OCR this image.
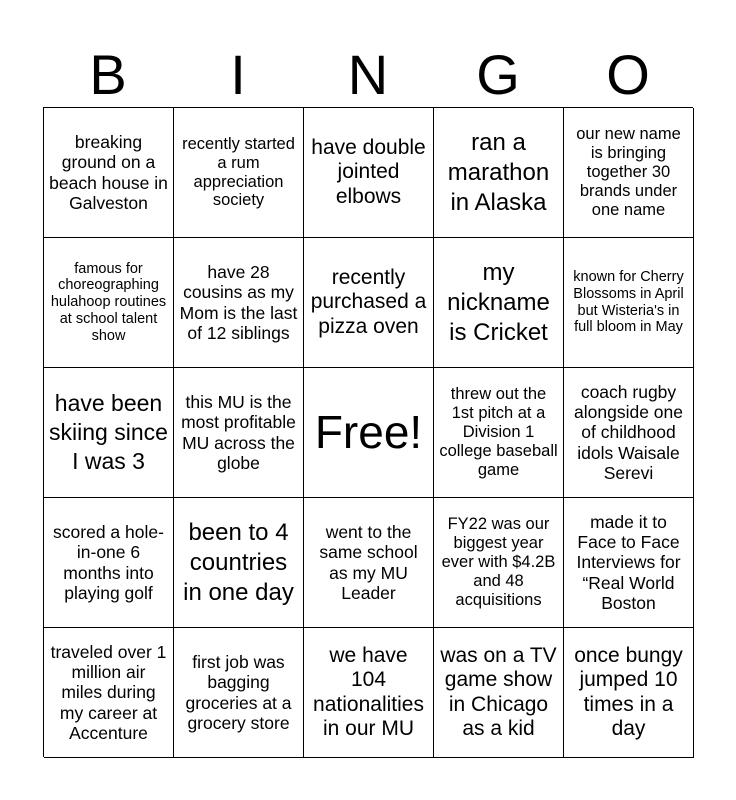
B	I	N	G	O
breaking ground on a beach house in Galveston
recently started a rum appreciation society
have double jointed elbows
ran a marathon in Alaska
our new name is bringing together 30 brands under one name
famous for choreographing hulahoop routines at school talent show
have 28 cousins as my Mom is the last of 12 siblings
recently purchased a pizza oven
my nickname is Cricket
known for Cherry Blossoms in April but Wisteria's in full bloom in May
have been skiing since I was 3
this MU is the most profitable MU across the globe
Free!
threw out the 1st pitch at a Division 1 college baseball game
coach rugby alongside one of childhood idols Waisale Serevi
scored a hole-in-one 6 months into playing golf
been to 4 countries in one day
went to the same school as my MU Leader
FY22 was our biggest year ever with $4.2B and 48 acquisitions
made it to Face to Face Interviews for “Real World Boston
traveled over 1 million air miles during my career at Accenture
first job was bagging groceries at a grocery store
we have 104 nationalities in our MU
was on a TV game show in Chicago as a kid
once bungy jumped 10 times in a day
